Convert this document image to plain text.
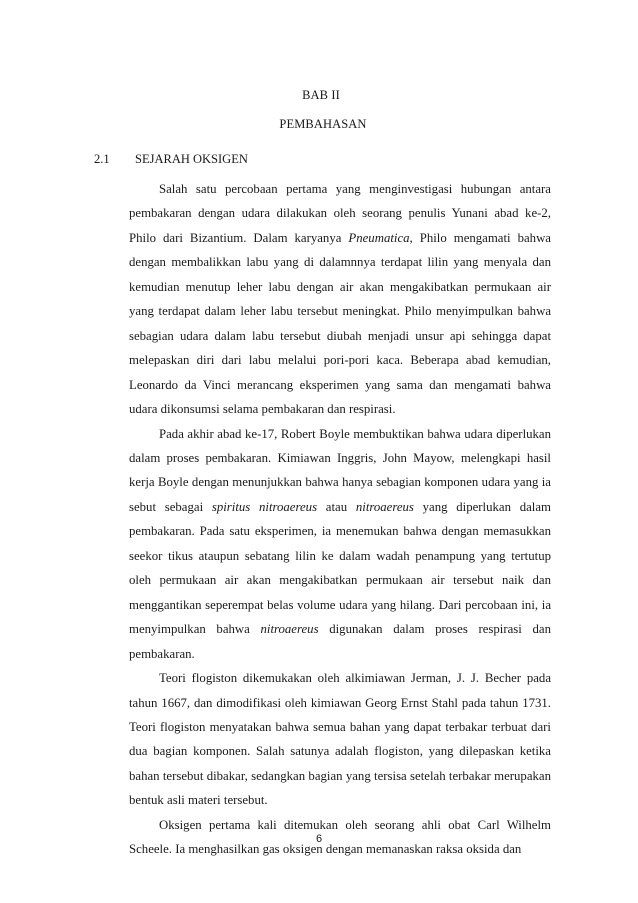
BAB II
PEMBAHASAN
2.1 SEJARAH OKSIGEN

Salah satu percobaan pertama yang menginvestigasi hubungan antara pembakaran dengan udara dilakukan oleh seorang penulis Yunani abad ke-2, Philo dari Bizantium. Dalam karyanya Pneumatica, Philo mengamati bahwa dengan membalikkan labu yang di dalamnnya terdapat lilin yang menyala dan kemudian menutup leher labu dengan air akan mengakibatkan permukaan air yang terdapat dalam leher labu tersebut meningkat. Philo menyimpulkan bahwa sebagian udara dalam labu tersebut diubah menjadi unsur api sehingga dapat melepaskan diri dari labu melalui pori-pori kaca. Beberapa abad kemudian, Leonardo da Vinci merancang eksperimen yang sama dan mengamati bahwa udara dikonsumsi selama pembakaran dan respirasi.

Pada akhir abad ke-17, Robert Boyle membuktikan bahwa udara diperlukan dalam proses pembakaran. Kimiawan Inggris, John Mayow, melengkapi hasil kerja Boyle dengan menunjukkan bahwa hanya sebagian komponen udara yang ia sebut sebagai spiritus nitroaereus atau nitroaereus yang diperlukan dalam pembakaran. Pada satu eksperimen, ia menemukan bahwa dengan memasukkan seekor tikus ataupun sebatang lilin ke dalam wadah penampung yang tertutup oleh permukaan air akan mengakibatkan permukaan air tersebut naik dan menggantikan seperempat belas volume udara yang hilang. Dari percobaan ini, ia menyimpulkan bahwa nitroaereus digunakan dalam proses respirasi dan pembakaran.

Teori flogiston dikemukakan oleh alkimiawan Jerman, J. J. Becher pada tahun 1667, dan dimodifikasi oleh kimiawan Georg Ernst Stahl pada tahun 1731. Teori flogiston menyatakan bahwa semua bahan yang dapat terbakar terbuat dari dua bagian komponen. Salah satunya adalah flogiston, yang dilepaskan ketika bahan tersebut dibakar, sedangkan bagian yang tersisa setelah terbakar merupakan bentuk asli materi tersebut.

Oksigen pertama kali ditemukan oleh seorang ahli obat Carl Wilhelm Scheele. Ia menghasilkan gas oksigen dengan memanaskan raksa oksida dan

6
